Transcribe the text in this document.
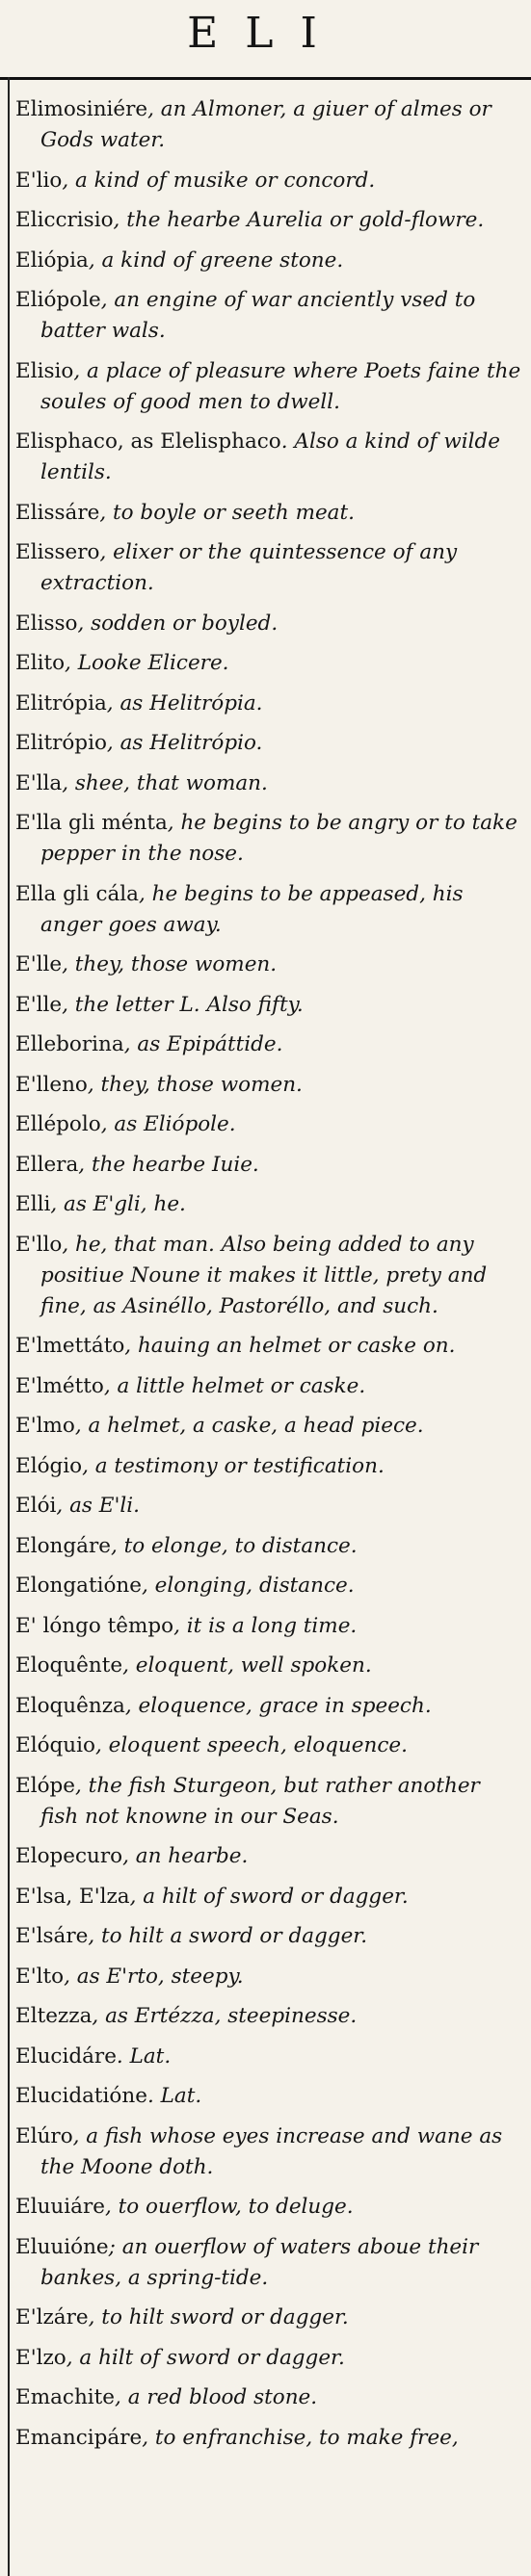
ELI

Elimosiniére, an Almoner, a giuer of almes or Gods water.

E'lio, a kind of musike or concord.

Eliccrisio, the hearbe Aurelia or gold-flowre.

Eliópia, a kind of greene stone.

Eliópole, an engine of war anciently vsed to batter wals.

Elisio, a place of pleasure where Poets faine the soules of good men to dwell.

Elisphaco, as Elelisphaco. Also a kind of wilde lentils.

Elissáre, to boyle or seeth meat.

Elissero, elixer or the quintessence of any extraction.

Elisso, sodden or boyled.

Elito, Looke Elicere.

Elitrópia, as Helitrópia.

Elitrópio, as Helitrópio.

E'lla, shee, that woman.

E'lla gli ménta, he begins to be angry or to take pepper in the nose.

Ella gli cála, he begins to be appeased, his anger goes away.

E'lle, they, those women.

E'lle, the letter L. Also fifty.

Elleborina, as Epipáttide.

E'lleno, they, those women.

Ellépolo, as Eliópole.

Ellera, the hearbe Iuie.

Elli, as E'gli, he.

E'llo, he, that man. Also being added to any positiue Noune it makes it little, prety and fine, as Asinéllo, Pastoréllo, and such.

E'lmettáto, hauing an helmet or caske on.

E'lmétto, a little helmet or caske.

E'lmo, a helmet, a caske, a head piece.

Elógio, a testimony or testification.

Elói, as E'li.

Elongáre, to elonge, to distance.

Elongatióne, elonging, distance.

E' lóngo têmpo, it is a long time.

Eloquênte, eloquent, well spoken.

Eloquênza, eloquence, grace in speech.

Elóquio, eloquent speech, eloquence.

Elópe, the fish Sturgeon, but rather another fish not knowne in our Seas.

Elopecuro, an hearbe.

E'lsa, E'lza, a hilt of sword or dagger.

E'lsáre, to hilt a sword or dagger.

E'lto, as E'rto, steepy.

Eltezza, as Ertézza, steepinesse.

Elucidáre. Lat.

Elucidatióne. Lat.

Elúro, a fish whose eyes increase and wane as the Moone doth.

Eluuiáre, to ouerflow, to deluge.

Eluuióne; an ouerflow of waters aboue their bankes, a spring-tide.

E'lzáre, to hilt sword or dagger.

E'lzo, a hilt of sword or dagger.

Emachite, a red blood stone.

Emancipáre, to enfranchise, to make free,
